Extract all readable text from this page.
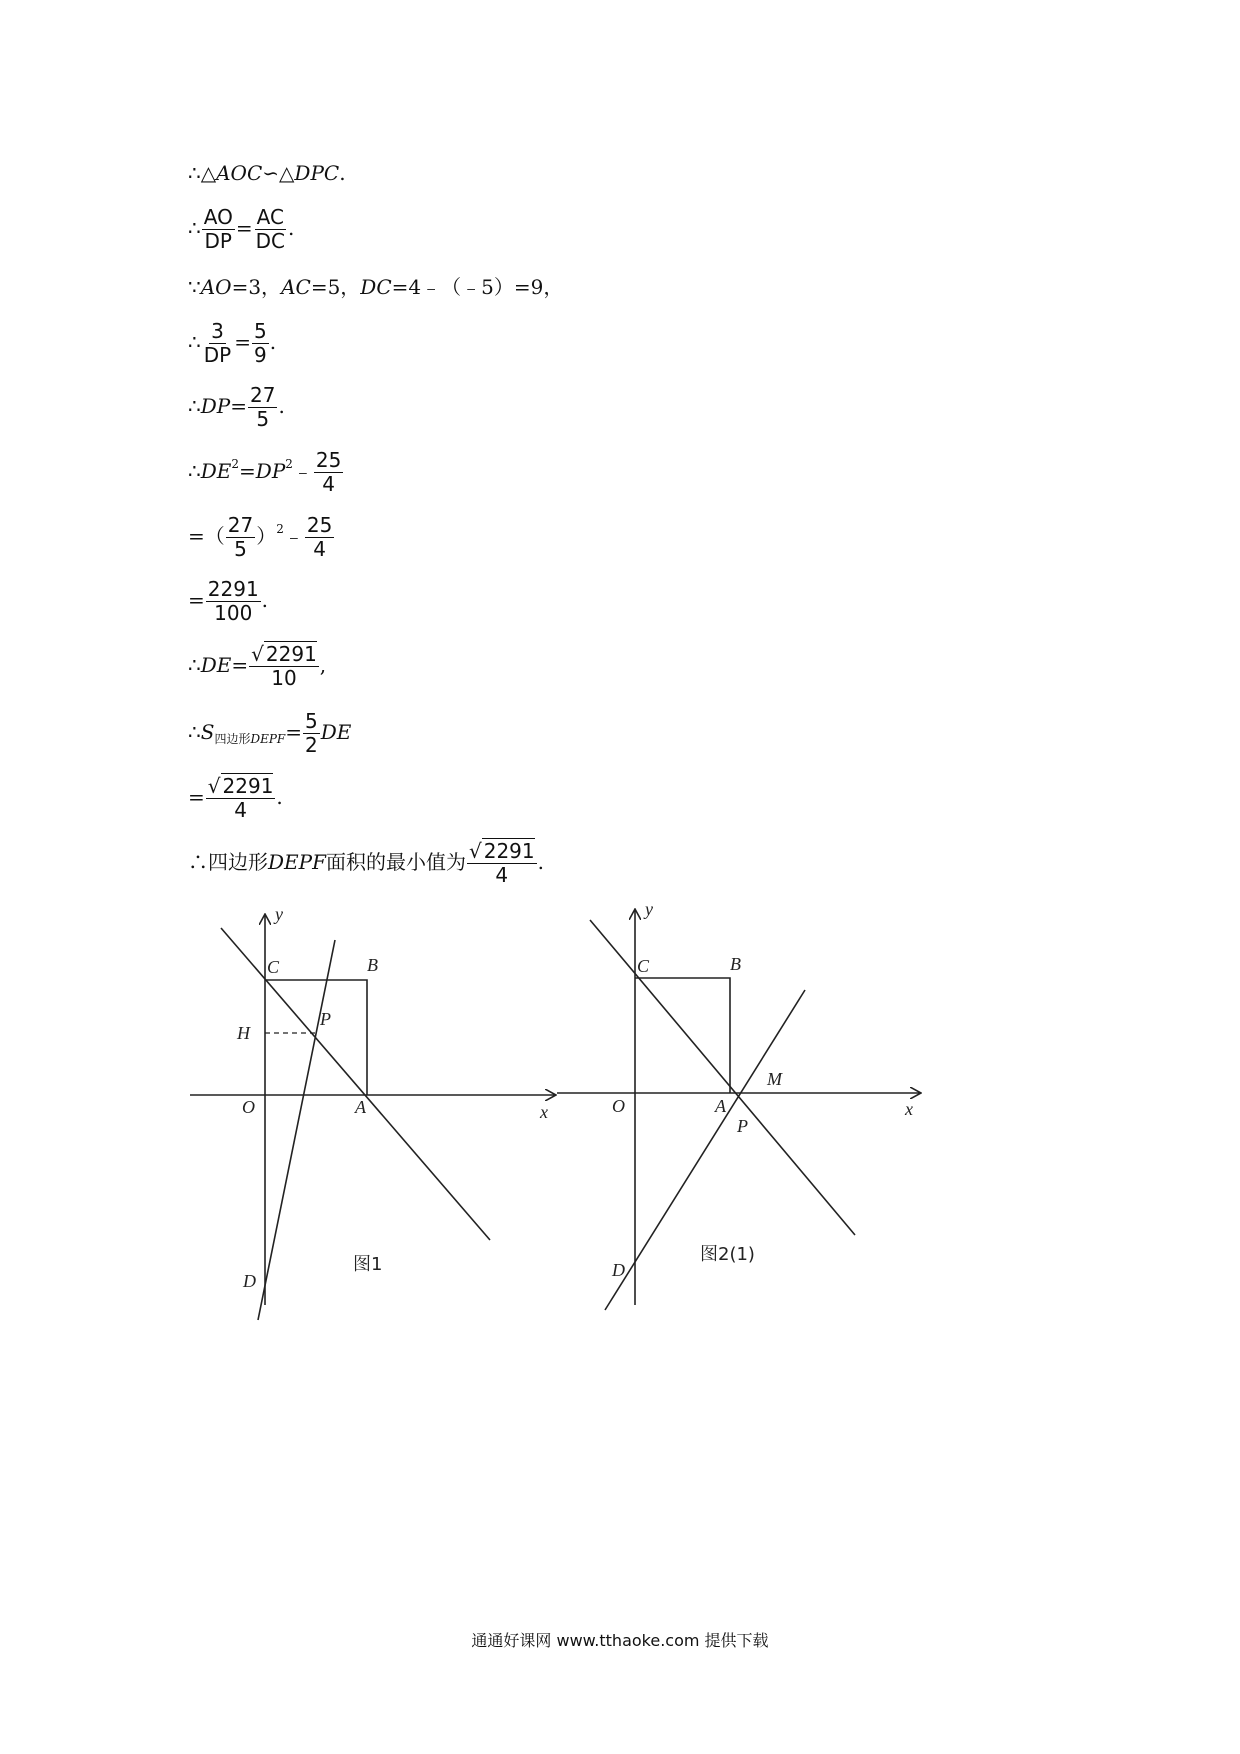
∴△AOC∽△DPC.
∴ $\frac{AO}{DP} = \frac{AC}{DC}$ .
∵AO=3，AC=5，DC=4﹣（﹣5）=9，
∴ $\frac{3}{DP} = \frac{5}{9}$ .
∴DP= $\frac{27}{5}$ .
$\therefore DE^2=DP^2﹣ \frac{25}{4}$
=（ $\frac{27}{5}$ ）$^2$﹣ $\frac{25}{4}$
= $\frac{2291}{100}$ .
∴DE= $\frac{√ 2291}{10}$ ,
$\therefore S_{四边形DEPF}= \frac{5}{2}$ DE
= $\frac{√ 2291}{4}$ .
∴四边形DEPF面积的最小值为 $\frac{√ 2291}{4}$ .
y
x
C	B
H
P
O	A
D
图1
y
x
C	B
M
O	A
P
D
图2(1)
通通好课网 www.tthaoke.com 提供下载
